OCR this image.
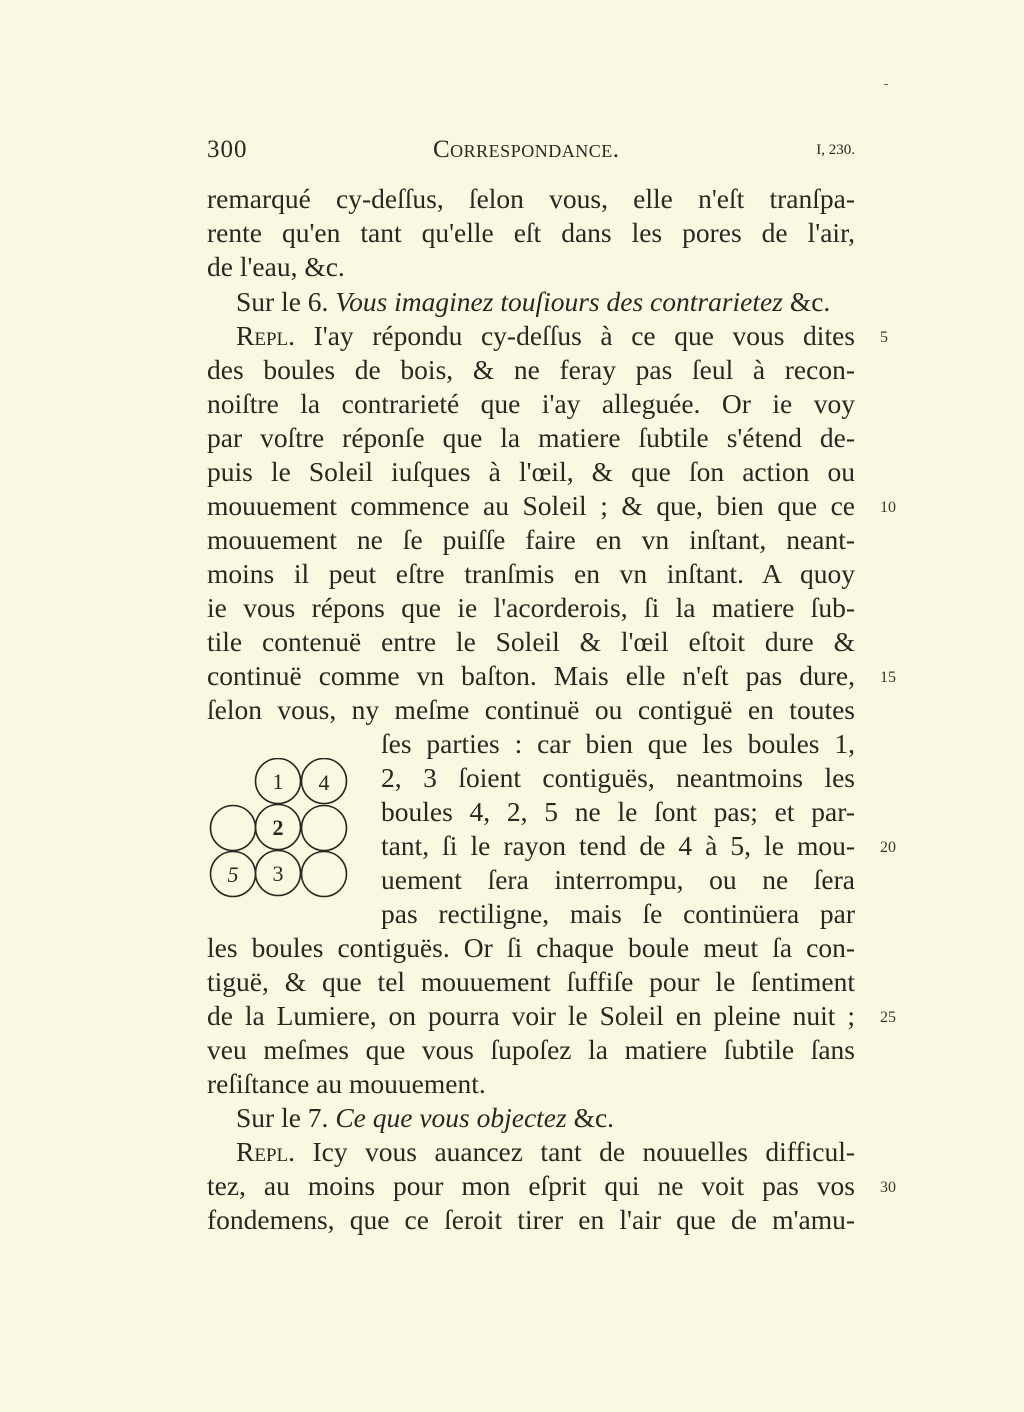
300	Correspondance.	I, 230.
remarqué cy-deſſus, ſelon vous, elle n'eſt tranſpa-
rente qu'en tant qu'elle eſt dans les pores de l'air,
de l'eau, &c.
Sur le 6. Vous imaginez touſiours des contrarietez &c.
Repl. I'ay répondu cy-deſſus à ce que vous dites
des boules de bois, & ne feray pas ſeul à recon-
noiſtre la contrarieté que i'ay alleguée. Or ie voy
par voſtre réponſe que la matiere ſubtile s'étend de-
puis le Soleil iuſques à l'œil, & que ſon action ou
mouuement commence au Soleil ; & que, bien que ce
mouuement ne ſe puiſſe faire en vn inſtant, neant-
moins il peut eſtre tranſmis en vn inſtant. A quoy
ie vous répons que ie l'acorderois, ſi la matiere ſub-
tile contenuë entre le Soleil & l'œil eſtoit dure &
continuë comme vn baſton. Mais elle n'eſt pas dure,
ſelon vous, ny meſme continuë ou contiguë en toutes
ſes parties : car bien que les boules 1,
2, 3 ſoient contiguës, neantmoins les
boules 4, 2, 5 ne le ſont pas; et par-
tant, ſi le rayon tend de 4 à 5, le mou-
uement ſera interrompu, ou ne ſera
pas rectiligne, mais ſe continüera par
1 4
2
5 3
les boules contiguës. Or ſi chaque boule meut ſa con-
tiguë, & que tel mouuement ſuffiſe pour le ſentiment
de la Lumiere, on pourra voir le Soleil en pleine nuit ;
veu meſmes que vous ſupoſez la matiere ſubtile ſans
reſiſtance au mouuement.
Sur le 7. Ce que vous objectez &c.
Repl. Icy vous auancez tant de nouuelles difficul-
tez, au moins pour mon eſprit qui ne voit pas vos
fondemens, que ce ſeroit tirer en l'air que de m'amu-
5
10
15
20
25
30
